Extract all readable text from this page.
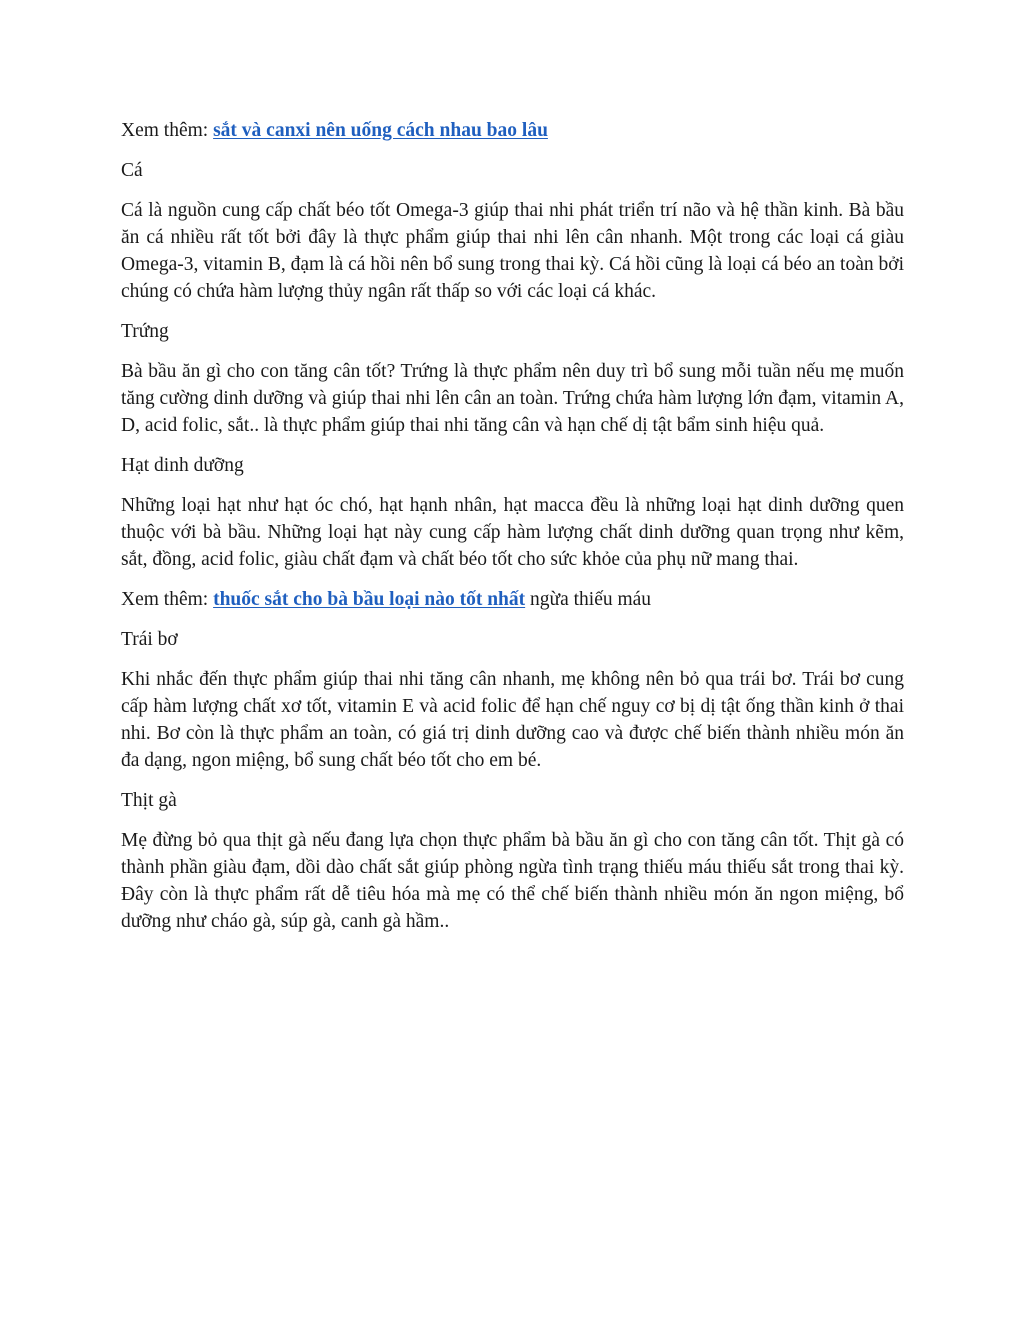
Xem thêm: sắt và canxi nên uống cách nhau bao lâu

Cá

Cá là nguồn cung cấp chất béo tốt Omega-3 giúp thai nhi phát triển trí não và hệ thần kinh. Bà bầu ăn cá nhiều rất tốt bởi đây là thực phẩm giúp thai nhi lên cân nhanh. Một trong các loại cá giàu Omega-3, vitamin B, đạm là cá hồi nên bổ sung trong thai kỳ. Cá hồi cũng là loại cá béo an toàn bởi chúng có chứa hàm lượng thủy ngân rất thấp so với các loại cá khác.

Trứng

Bà bầu ăn gì cho con tăng cân tốt? Trứng là thực phẩm nên duy trì bổ sung mỗi tuần nếu mẹ muốn tăng cường dinh dưỡng và giúp thai nhi lên cân an toàn. Trứng chứa hàm lượng lớn đạm, vitamin A, D, acid folic, sắt.. là thực phẩm giúp thai nhi tăng cân và hạn chế dị tật bẩm sinh hiệu quả.

Hạt dinh dưỡng

Những loại hạt như hạt óc chó, hạt hạnh nhân, hạt macca đều là những loại hạt dinh dưỡng quen thuộc với bà bầu. Những loại hạt này cung cấp hàm lượng chất dinh dưỡng quan trọng như kẽm, sắt, đồng, acid folic, giàu chất đạm và chất béo tốt cho sức khỏe của phụ nữ mang thai.

Xem thêm: thuốc sắt cho bà bầu loại nào tốt nhất ngừa thiếu máu

Trái bơ

Khi nhắc đến thực phẩm giúp thai nhi tăng cân nhanh, mẹ không nên bỏ qua trái bơ. Trái bơ cung cấp hàm lượng chất xơ tốt, vitamin E và acid folic để hạn chế nguy cơ bị dị tật ống thần kinh ở thai nhi. Bơ còn là thực phẩm an toàn, có giá trị dinh dưỡng cao và được chế biến thành nhiều món ăn đa dạng, ngon miệng, bổ sung chất béo tốt cho em bé.

Thịt gà

Mẹ đừng bỏ qua thịt gà nếu đang lựa chọn thực phẩm bà bầu ăn gì cho con tăng cân tốt. Thịt gà có thành phần giàu đạm, dồi dào chất sắt giúp phòng ngừa tình trạng thiếu máu thiếu sắt trong thai kỳ. Đây còn là thực phẩm rất dễ tiêu hóa mà mẹ có thể chế biến thành nhiều món ăn ngon miệng, bổ dưỡng như cháo gà, súp gà, canh gà hầm..
